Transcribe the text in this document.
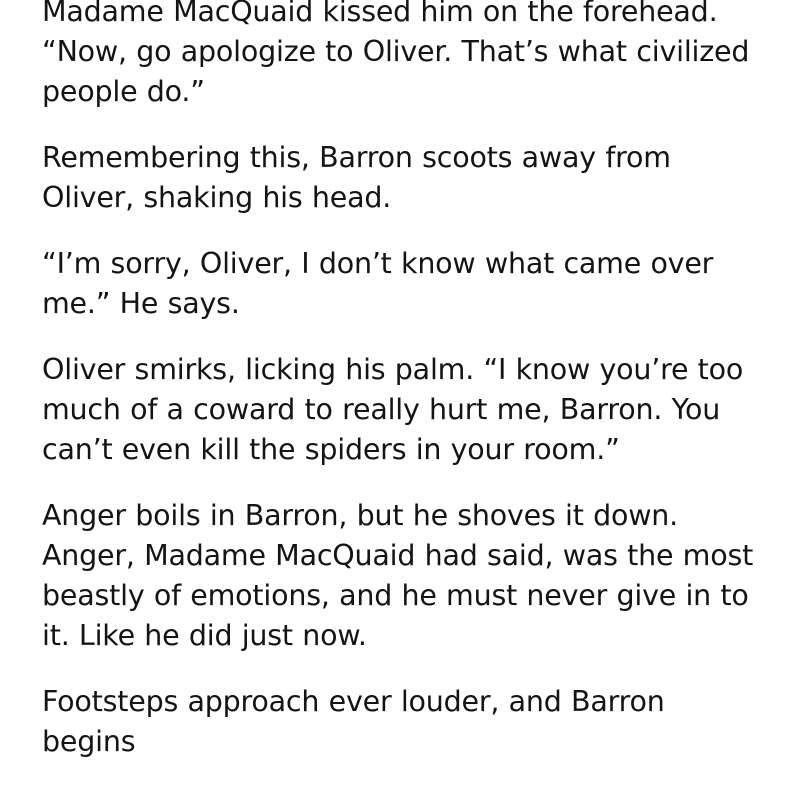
Madame MacQuaid kissed him on the forehead. “Now, go apologize to Oliver. That’s what civilized people do.”

Remembering this, Barron scoots away from Oliver, shaking his head.

“I’m sorry, Oliver, I don’t know what came over me.” He says.

Oliver smirks, licking his palm. “I know you’re too much of a coward to really hurt me, Barron. You can’t even kill the spiders in your room.”

Anger boils in Barron, but he shoves it down. Anger, Madame MacQuaid had said, was the most beastly of emotions, and he must never give in to it. Like he did just now.

Footsteps approach ever louder, and Barron begins
